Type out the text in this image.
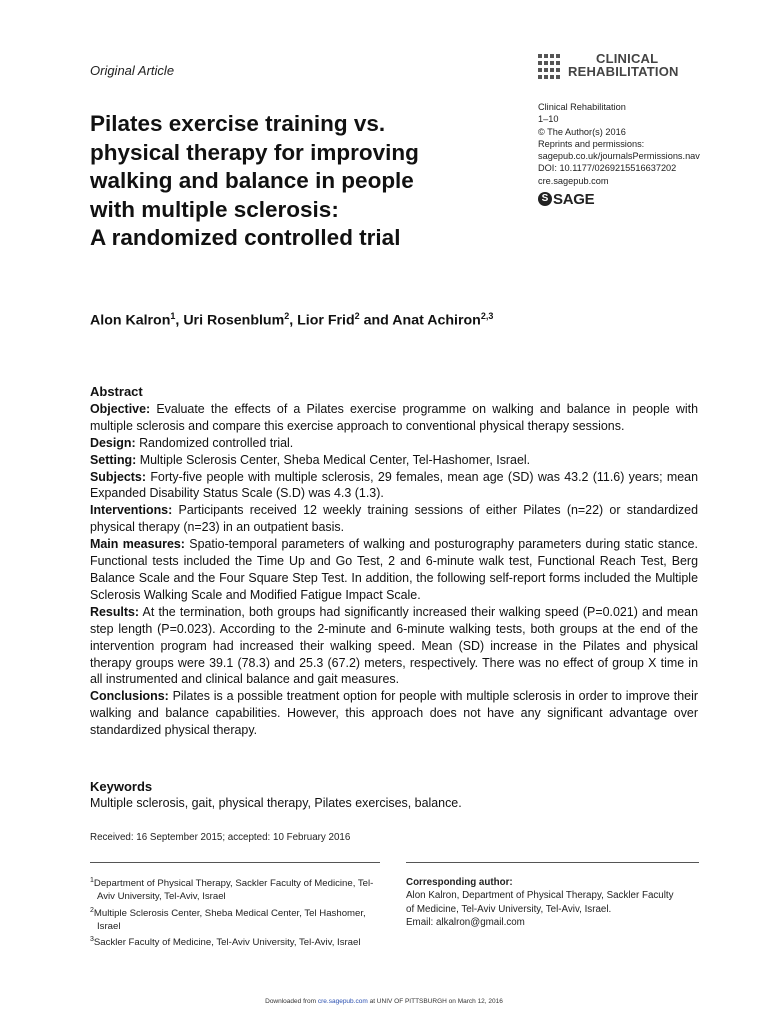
Original Article
CLINICAL
REHABILITATION
Pilates exercise training vs.
physical therapy for improving
walking and balance in people
with multiple sclerosis:
A randomized controlled trial
Clinical Rehabilitation
1–10
© The Author(s) 2016
Reprints and permissions:
sagepub.co.uk/journalsPermissions.nav
DOI: 10.1177/0269215516637202
cre.sagepub.com
S SAGE
Alon Kalron$^1$, Uri Rosenblum$^2$, Lior Frid$^2$ and Anat Achiron$^{2,3}$
Abstract

Objective: Evaluate the effects of a Pilates exercise programme on walking and balance in people with multiple sclerosis and compare this exercise approach to conventional physical therapy sessions.

Design: Randomized controlled trial.

Setting: Multiple Sclerosis Center, Sheba Medical Center, Tel-Hashomer, Israel.

Subjects: Forty-five people with multiple sclerosis, 29 females, mean age (SD) was 43.2 (11.6) years; mean Expanded Disability Status Scale (S.D) was 4.3 (1.3).

Interventions: Participants received 12 weekly training sessions of either Pilates (n=22) or standardized physical therapy (n=23) in an outpatient basis.

Main measures: Spatio-temporal parameters of walking and posturography parameters during static stance. Functional tests included the Time Up and Go Test, 2 and 6-minute walk test, Functional Reach Test, Berg Balance Scale and the Four Square Step Test. In addition, the following self-report forms included the Multiple Sclerosis Walking Scale and Modified Fatigue Impact Scale.

Results: At the termination, both groups had significantly increased their walking speed (P=0.021) and mean step length (P=0.023). According to the 2-minute and 6-minute walking tests, both groups at the end of the intervention program had increased their walking speed. Mean (SD) increase in the Pilates and physical therapy groups were 39.1 (78.3) and 25.3 (67.2) meters, respectively. There was no effect of group X time in all instrumented and clinical balance and gait measures.

Conclusions: Pilates is a possible treatment option for people with multiple sclerosis in order to improve their walking and balance capabilities. However, this approach does not have any significant advantage over standardized physical therapy.

Keywords
Multiple sclerosis, gait, physical therapy, Pilates exercises, balance.
Received: 16 September 2015; accepted: 10 February 2016
$^1$Department of Physical Therapy, Sackler Faculty of Medicine, Tel-Aviv University, Tel-Aviv, Israel
$^2$Multiple Sclerosis Center, Sheba Medical Center, Tel Hashomer, Israel
$^3$Sackler Faculty of Medicine, Tel-Aviv University, Tel-Aviv, Israel
Corresponding author:
Alon Kalron, Department of Physical Therapy, Sackler Faculty
of Medicine, Tel-Aviv University, Tel-Aviv, Israel.
Email: alkalron@gmail.com
Downloaded from cre.sagepub.com at UNIV OF PITTSBURGH on March 12, 2016
